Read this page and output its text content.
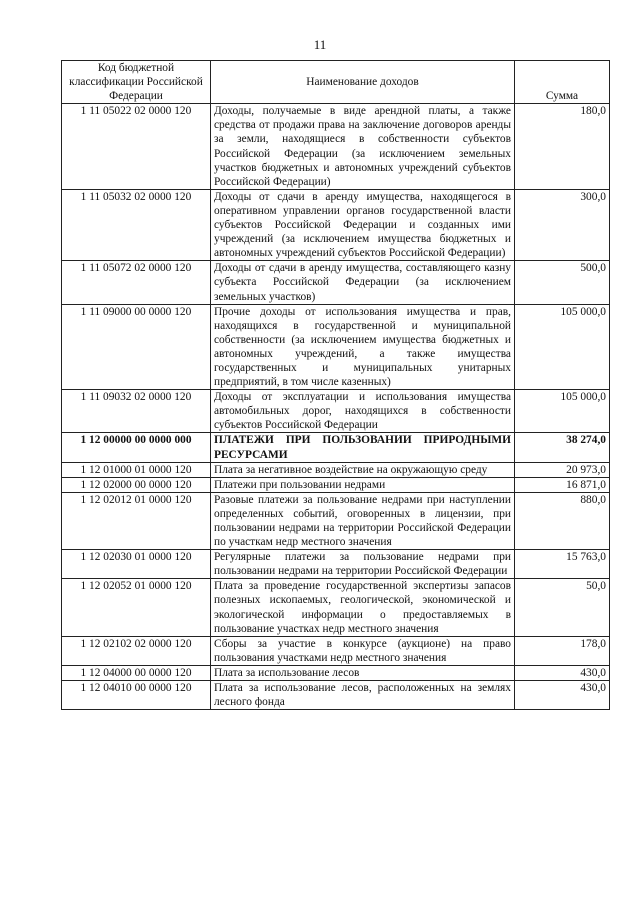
11
Код бюджетной классификации Российской Федерации	Наименование доходов	Сумма
1 11 05022 02 0000 120	Доходы, получаемые в виде арендной платы, а также средства от продажи права на заключение договоров аренды за земли, находящиеся в собственности субъектов Российской Федерации (за исключением земельных участков бюджетных и автономных учреждений субъектов Российской Федерации)	180,0
1 11 05032 02 0000 120	Доходы от сдачи в аренду имущества, находящегося в оперативном управлении органов государственной власти субъектов Российской Федерации и созданных ими учреждений (за исключением имущества бюджетных и автономных учреждений субъектов Российской Федерации)	300,0
1 11 05072 02 0000 120	Доходы от сдачи в аренду имущества, составляющего казну субъекта Российской Федерации (за исключением земельных участков)	500,0
1 11 09000 00 0000 120	Прочие доходы от использования имущества и прав, находящихся в государственной и муниципальной собственности (за исключением имущества бюджетных и автономных учреждений, а также имущества государственных и муниципальных унитарных предприятий, в том числе казенных)	105 000,0
1 11 09032 02 0000 120	Доходы от эксплуатации и использования имущества автомобильных дорог, находящихся в собственности субъектов Российской Федерации	105 000,0
1 12 00000 00 0000 000	ПЛАТЕЖИ ПРИ ПОЛЬЗОВАНИИ ПРИРОДНЫМИ РЕСУРСАМИ	38 274,0
1 12 01000 01 0000 120	Плата за негативное воздействие на окружающую среду	20 973,0
1 12 02000 00 0000 120	Платежи при пользовании недрами	16 871,0
1 12 02012 01 0000 120	Разовые платежи за пользование недрами при наступлении определенных событий, оговоренных в лицензии, при пользовании недрами на территории Российской Федерации по участкам недр местного значения	880,0
1 12 02030 01 0000 120	Регулярные платежи за пользование недрами при пользовании недрами на территории Российской Федерации	15 763,0
1 12 02052 01 0000 120	Плата за проведение государственной экспертизы запасов полезных ископаемых, геологической, экономической и экологической информации о предоставляемых в пользование участках недр местного значения	50,0
1 12 02102 02 0000 120	Сборы за участие в конкурсе (аукционе) на право пользования участками недр местного значения	178,0
1 12 04000 00 0000 120	Плата за использование лесов	430,0
1 12 04010 00 0000 120	Плата за использование лесов, расположенных на землях лесного фонда	430,0
